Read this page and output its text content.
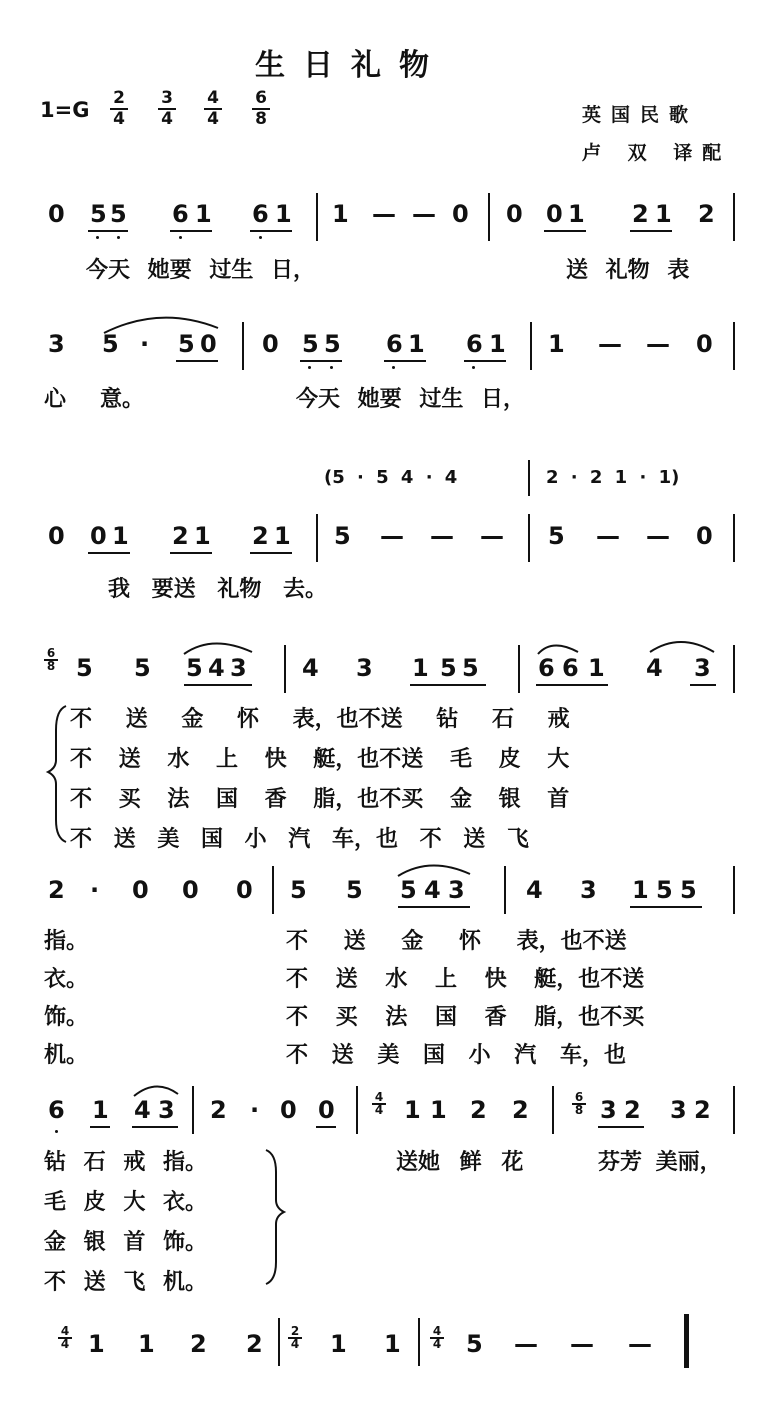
生日礼物
1=G 2
4
3
4
4
4
6
8	英国民歌
卢 双 译配
0 5 5 6 1 6 1 1 — — 0 0 0 1 2 1 2
今天 她要 过生 日，	送 礼物 表
3 5 · 5 0 0 5 5 6 1 6 1 1 — — 0
心 意。	今天 她要 过生 日，
(5 · 5 4 · 4	2 · 2 1 · 1)
0 0 1 2 1 2 1 5 — — — 5 — — 0
我 要送 礼物 去。
6
8 5 5 5 4 3 4 3 1 5 5 6 6 1 4 3
不 送 金 怀 表，也不送 钻 石 戒
不 送 水 上 快 艇，也不送 毛 皮 大
不 买 法 国 香 脂，也不买 金 银 首
不 送 美 国 小 汽 车，也 不 送 飞
2 · 0 0 0 5 5 5 4 3	4 3 1 5 5
指。
衣。
饰。
机。
不 送 金 怀 表，也不送
不 送 水 上 快 艇，也不送
不 买 法 国 香 脂，也不买
不 送 美 国 小 汽 车，也
6 1 4 3 2 · 0 0	4
4 1 1 2 2	6
8 3 2 3 2
钻 石 戒 指。
毛 皮 大 衣。
金 银 首 饰。
不 送 飞 机。
送她 鲜 花	芬芳 美丽，
4
4 1 1 2 2 2
4 1 1	4
4 5 — — —
